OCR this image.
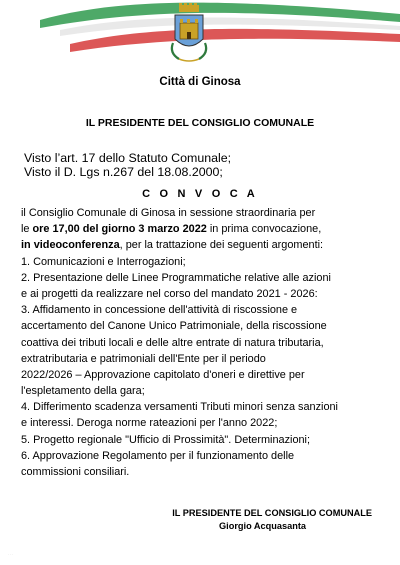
Città di Ginosa
IL PRESIDENTE DEL CONSIGLIO COMUNALE
Visto l’art. 17 dello Statuto Comunale;
Visto il D. Lgs n.267 del 18.08.2000;
C O N V O C A
il Consiglio Comunale di Ginosa in sessione straordinaria per
le ore 17,00 del giorno 3 marzo 2022 in prima convocazione,
in videoconferenza, per la trattazione dei seguenti argomenti:
1. Comunicazioni e Interrogazioni;
2. Presentazione delle Linee Programmatiche relative alle azioni
e ai progetti da realizzare nel corso del mandato 2021 - 2026:
3. Affidamento in concessione dell'attività di riscossione e
accertamento del Canone Unico Patrimoniale, della riscossione
coattiva dei tributi locali e delle altre entrate di natura tributaria,
extratributaria e patrimoniali dell'Ente per il periodo
2022/2026 – Approvazione capitolato d'oneri e direttive per
l'espletamento della gara;
4. Differimento scadenza versamenti Tributi minori senza sanzioni
e interessi. Deroga norme rateazioni per l'anno 2022;
5. Progetto regionale "Ufficio di Prossimità". Determinazioni;
6. Approvazione Regolamento per il funzionamento delle
commissioni consiliari.
IL PRESIDENTE DEL CONSIGLIO COMUNALE
Giorgio Acquasanta
· · ·
